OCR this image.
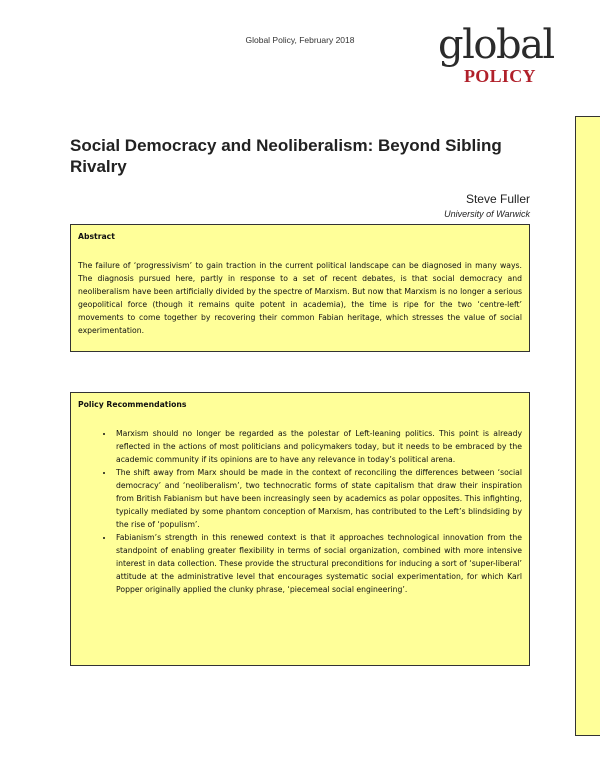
Global Policy, February 2018	global
POLICY
Social Democracy and Neoliberalism: Beyond Sibling Rivalry
Steve Fuller
University of Warwick
Abstract

The failure of ‘progressivism’ to gain traction in the current political landscape can be diagnosed in many ways. The diagnosis pursued here, partly in response to a set of recent debates, is that social democracy and neoliberalism have been artificially divided by the spectre of Marxism. But now that Marxism is no longer a serious geopolitical force (though it remains quite potent in academia), the time is ripe for the two ‘centre-left’ movements to come together by recovering their common Fabian heritage, which stresses the value of social experimentation.

Policy Recommendations
• Marxism should no longer be regarded as the polestar of Left-leaning politics. This point is already reflected in the actions of most politicians and policymakers today, but it needs to be embraced by the academic community if its opinions are to have any relevance in today’s political arena.
• The shift away from Marx should be made in the context of reconciling the differences between ‘social democracy’ and ‘neoliberalism’, two technocratic forms of state capitalism that draw their inspiration from British Fabianism but have been increasingly seen by academics as polar opposites. This infighting, typically mediated by some phantom conception of Marxism, has contributed to the Left’s blindsiding by the rise of ‘populism’.
• Fabianism’s strength in this renewed context is that it approaches technological innovation from the standpoint of enabling greater flexibility in terms of social organization, combined with more intensive interest in data collection. These provide the structural preconditions for inducing a sort of ‘super-liberal’ attitude at the administrative level that encourages systematic social experimentation, for which Karl Popper originally applied the clunky phrase, ‘piecemeal social engineering’.
